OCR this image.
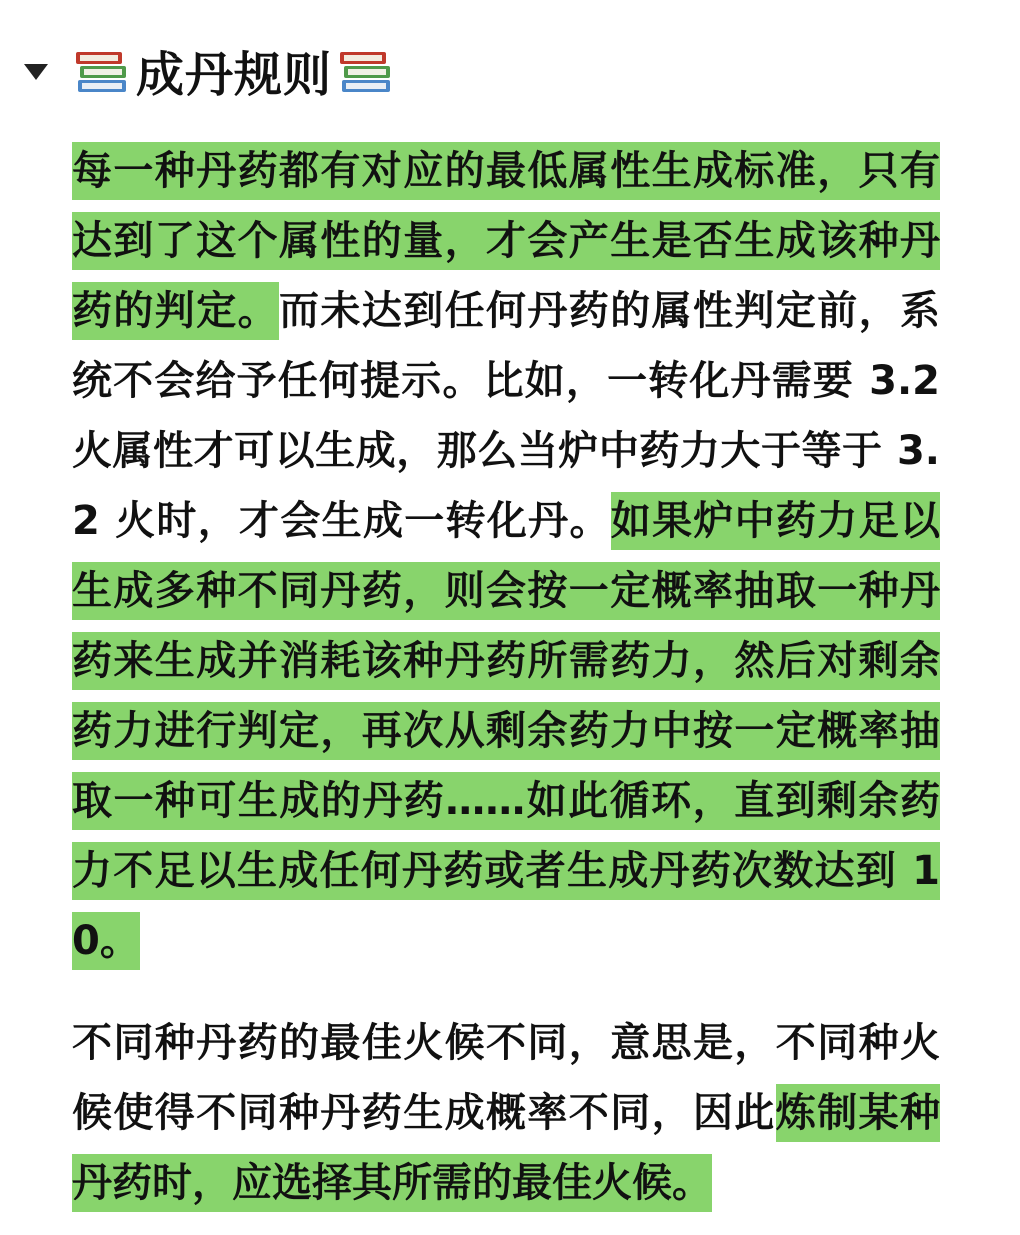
成丹规则

每一种丹药都有对应的最低属性生成标准，只有达到了这个属性的量，才会产生是否生成该种丹药的判定。而未达到任何丹药的属性判定前，系统不会给予任何提示。比如，一转化丹需要 3.2 火属性才可以生成，那么当炉中药力大于等于 3.2 火时，才会生成一转化丹。如果炉中药力足以生成多种不同丹药，则会按一定概率抽取一种丹药来生成并消耗该种丹药所需药力，然后对剩余药力进行判定，再次从剩余药力中按一定概率抽取一种可生成的丹药……如此循环，直到剩余药力不足以生成任何丹药或者生成丹药次数达到 10。

不同种丹药的最佳火候不同，意思是，不同种火候使得不同种丹药生成概率不同，因此炼制某种丹药时，应选择其所需的最佳火候。
